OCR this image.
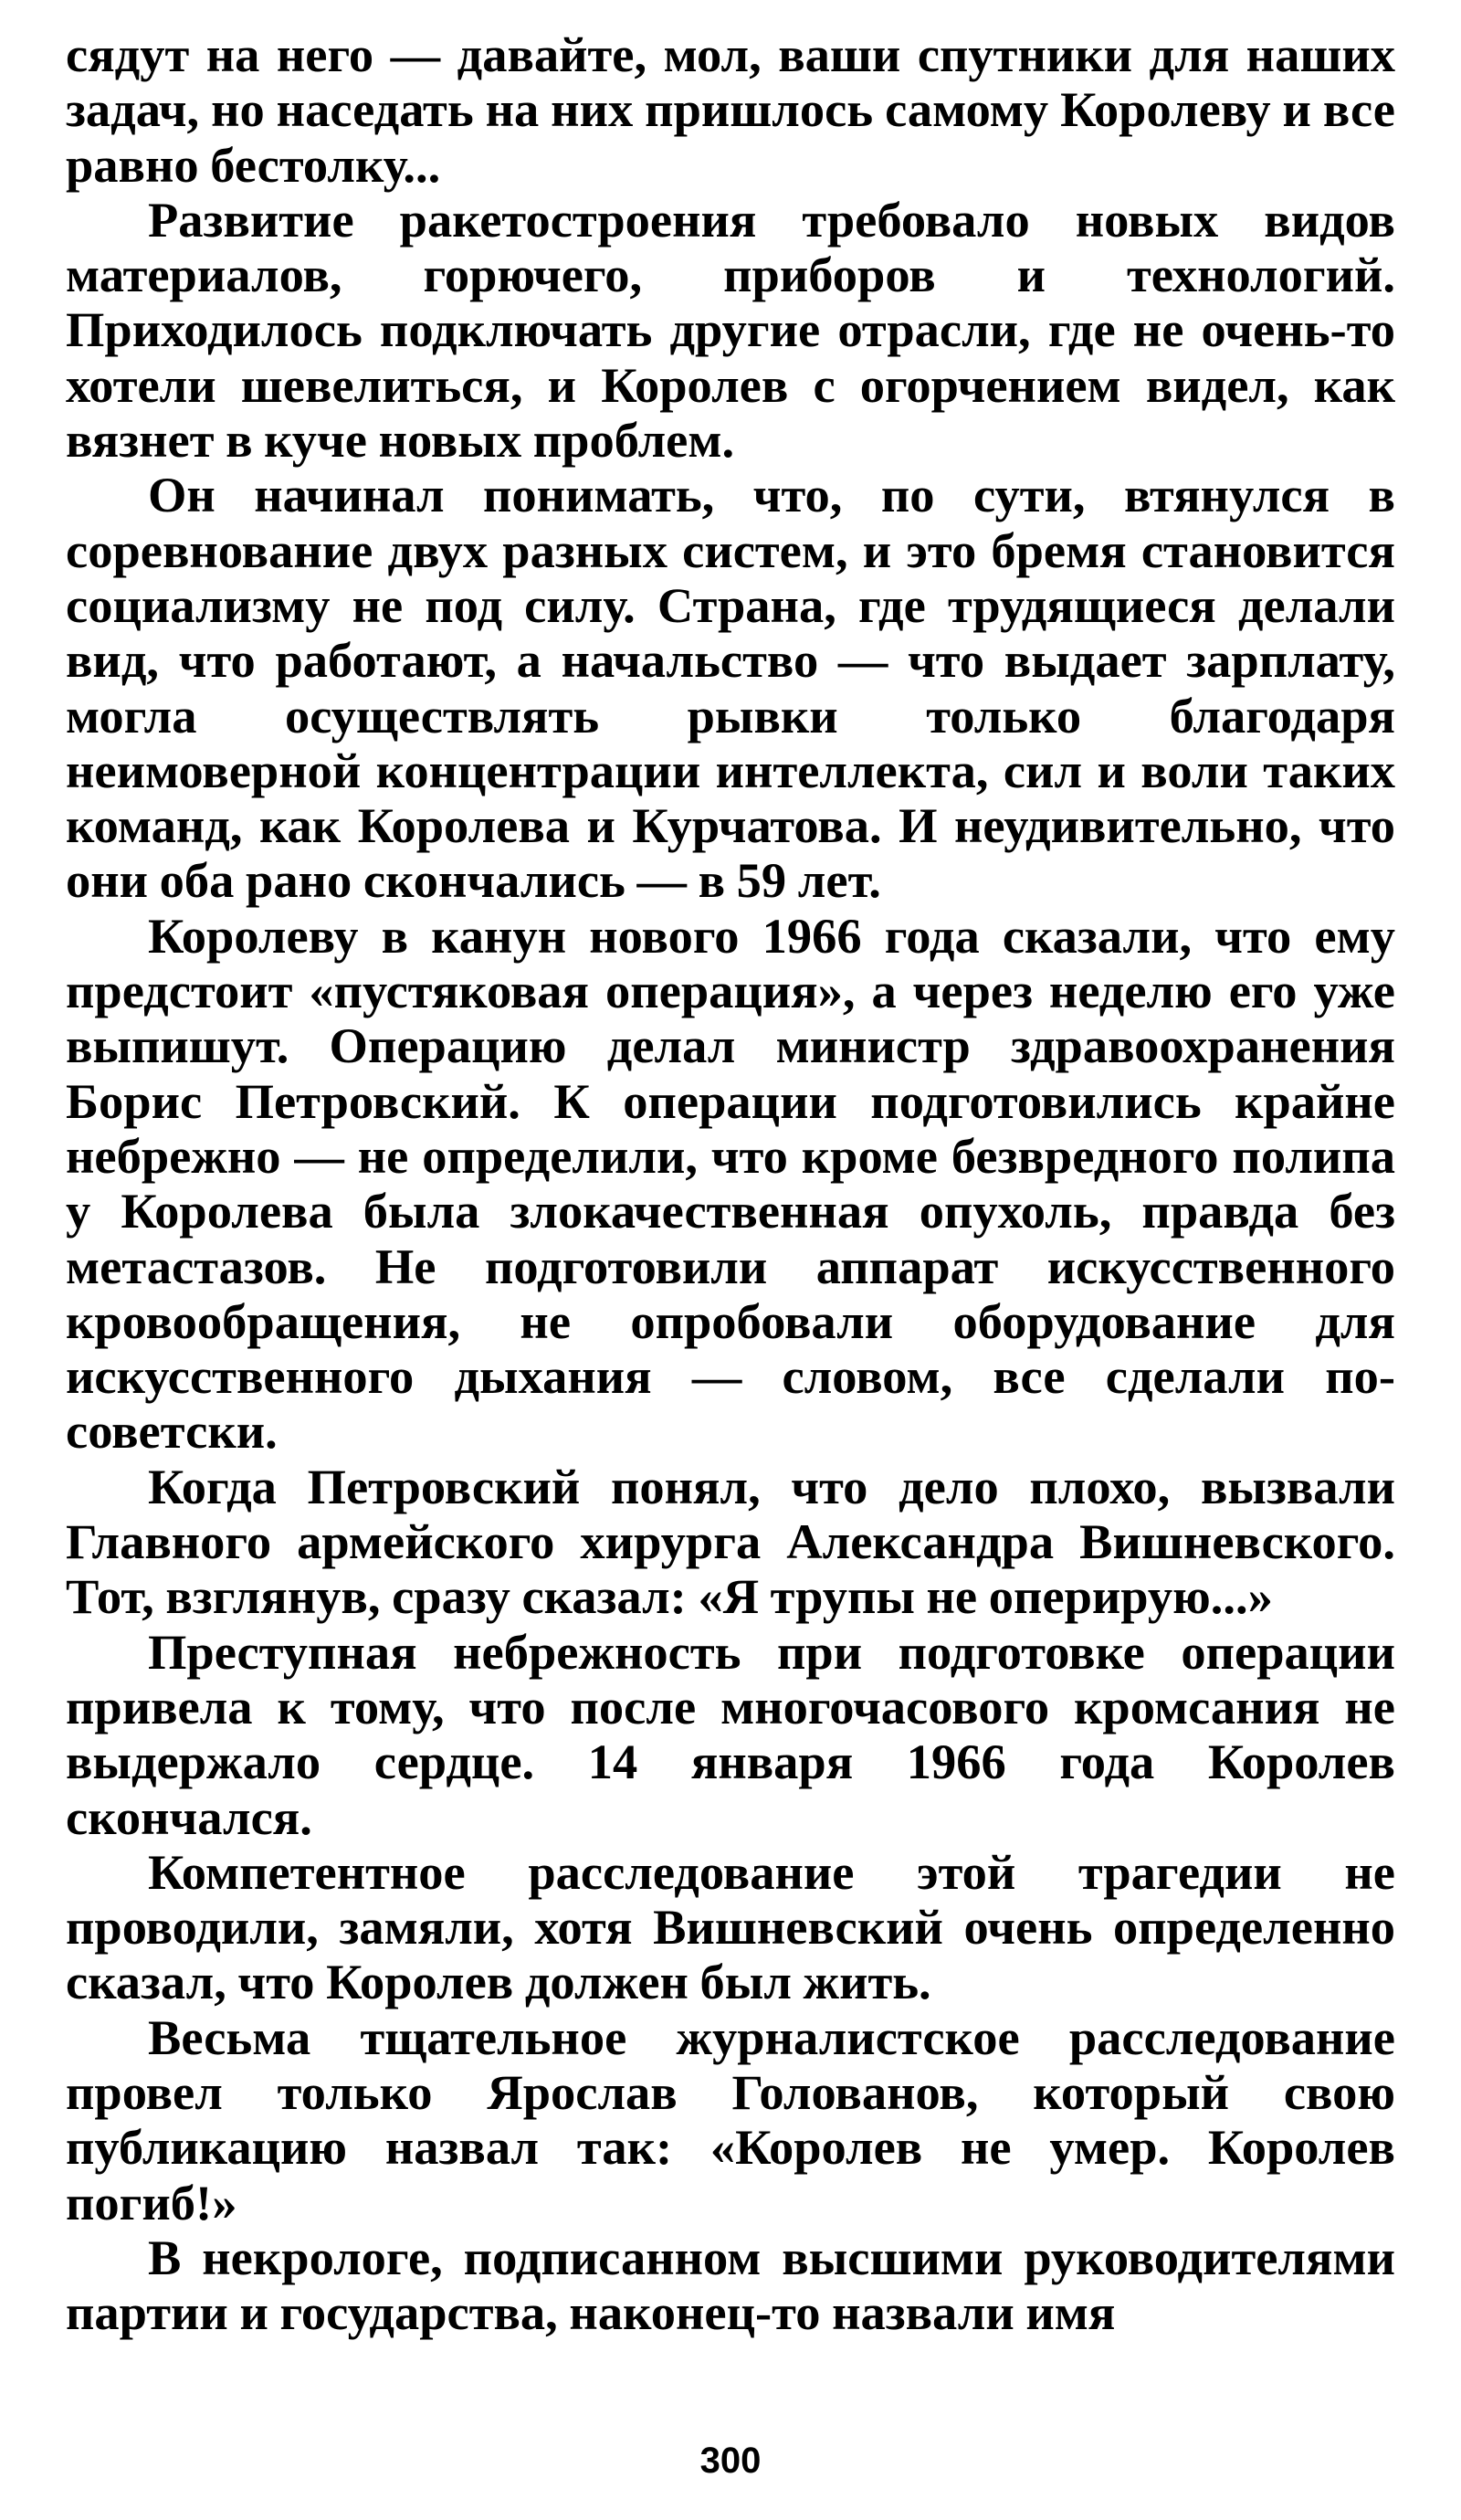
сядут на него — давайте, мол, ваши спутники для наших задач, но наседать на них пришлось самому Королеву и все равно бестолку...

Развитие ракетостроения требовало новых видов материалов, горючего, приборов и технологий. Приходилось подключать другие отрасли, где не очень-то хотели шевелиться, и Королев с огорчением видел, как вязнет в куче новых проблем.

Он начинал понимать, что, по сути, втянулся в соревнование двух разных систем, и это бремя становится социализму не под силу. Страна, где трудящиеся делали вид, что работают, а начальство — что выдает зарплату, могла осуществлять рывки только благодаря неимоверной концентрации интеллекта, сил и воли таких команд, как Королева и Курчатова. И неудивительно, что они оба рано скончались — в 59 лет.

Королеву в канун нового 1966 года сказали, что ему предстоит «пустяковая операция», а через неделю его уже выпишут. Операцию делал министр здравоохранения Борис Петровский. К операции подготовились крайне небрежно — не определили, что кроме безвредного полипа у Королева была злокачественная опухоль, правда без метастазов. Не подготовили аппарат искусственного кровообращения, не опробовали оборудование для искусственного дыхания — словом, все сделали по-советски.

Когда Петровский понял, что дело плохо, вызвали Главного армейского хирурга Александра Вишневского. Тот, взглянув, сразу сказал: «Я трупы не оперирую...»

Преступная небрежность при подготовке операции привела к тому, что после многочасового кромсания не выдержало сердце. 14 января 1966 года Королев скончался.

Компетентное расследование этой трагедии не проводили, замяли, хотя Вишневский очень определенно сказал, что Королев должен был жить.

Весьма тщательное журналистское расследование провел только Ярослав Голованов, который свою публикацию назвал так: «Королев не умер. Королев погиб!»

В некрологе, подписанном высшими руководителями партии и государства, наконец-то назвали имя

300
